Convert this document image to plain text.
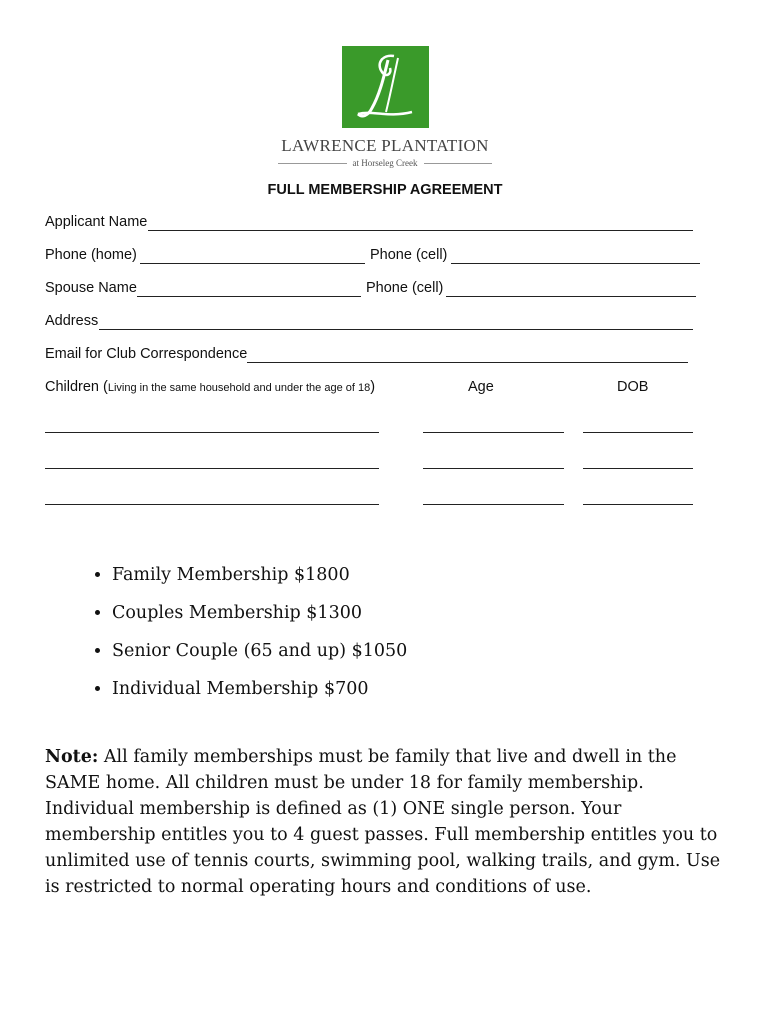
LAWRENCE PLANTATION
at Horseleg Creek
FULL MEMBERSHIP AGREEMENT
Applicant Name
Phone (home)	Phone (cell)
Spouse Name	Phone (cell)
Address
Email for Club Correspondence
Children (Living in the same household and under the age of 18)	Age	DOB
• Family Membership $1800
• Couples Membership $1300
• Senior Couple (65 and up) $1050
• Individual Membership $700
Note: All family memberships must be family that live and dwell in the SAME home. All children must be under 18 for family membership. Individual membership is defined as (1) ONE single person. Your membership entitles you to 4 guest passes. Full membership entitles you to unlimited use of tennis courts, swimming pool, walking trails, and gym. Use is restricted to normal operating hours and conditions of use.
